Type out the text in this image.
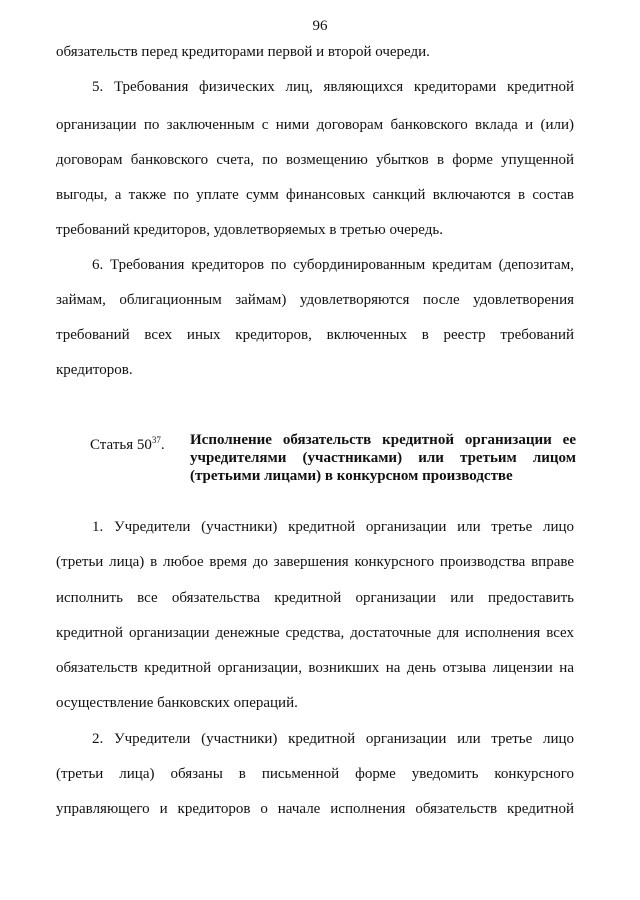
96
обязательств перед кредиторами первой и второй очереди.
5. Требования физических лиц, являющихся кредиторами кредитной
организации по заключенным с ними договорам банковского вклада и (или)
договорам банковского счета, по возмещению убытков в форме упущенной
выгоды, а также по уплате сумм финансовых санкций включаются в состав
требований кредиторов, удовлетворяемых в третью очередь.
6. Требования кредиторов по субординированным кредитам (депозитам,
займам, облигационным займам) удовлетворяются после удовлетворения
требований всех иных кредиторов, включенных в реестр требований
кредиторов.
Статья $50^{37}$. Исполнение обязательств кредитной организации ее
учредителями (участниками) или третьим лицом
(третьими лицами) в конкурсном производстве
1. Учредители (участники) кредитной организации или третье лицо
(третьи лица) в любое время до завершения конкурсного производства вправе
исполнить все обязательства кредитной организации или предоставить
кредитной организации денежные средства, достаточные для исполнения всех
обязательств кредитной организации, возникших на день отзыва лицензии на
осуществление банковских операций.
2. Учредители (участники) кредитной организации или третье лицо
(третьи лица) обязаны в письменной форме уведомить конкурсного
управляющего и кредиторов о начале исполнения обязательств кредитной
